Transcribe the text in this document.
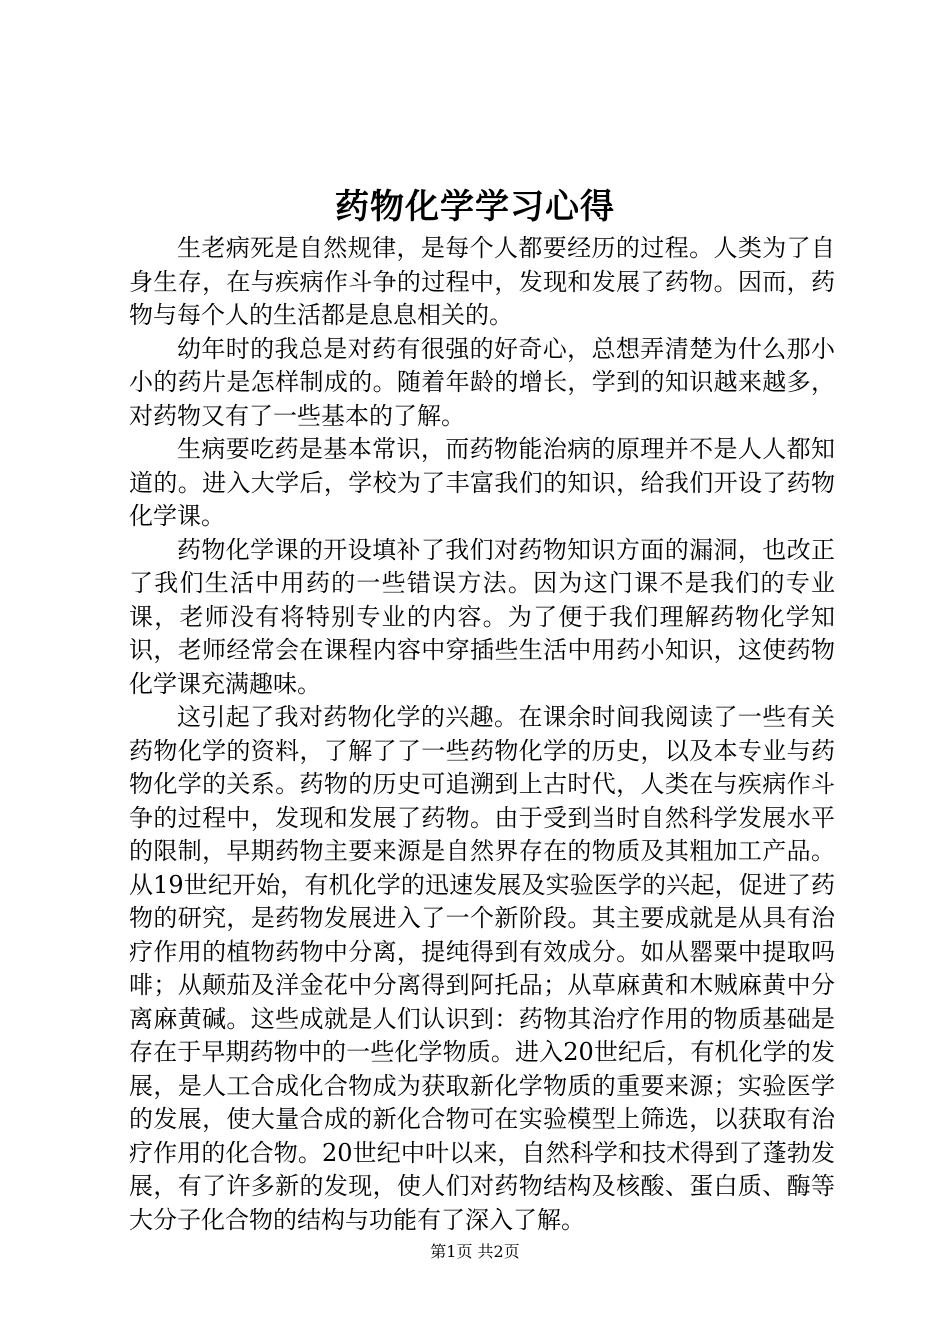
药物化学学习心得

生老病死是自然规律，是每个人都要经历的过程。人类为了自身生存，在与疾病作斗争的过程中，发现和发展了药物。因而，药物与每个人的生活都是息息相关的。

幼年时的我总是对药有很强的好奇心，总想弄清楚为什么那小小的药片是怎样制成的。随着年龄的增长，学到的知识越来越多，对药物又有了一些基本的了解。

生病要吃药是基本常识，而药物能治病的原理并不是人人都知道的。进入大学后，学校为了丰富我们的知识，给我们开设了药物化学课。

药物化学课的开设填补了我们对药物知识方面的漏洞，也改正了我们生活中用药的一些错误方法。因为这门课不是我们的专业课，老师没有将特别专业的内容。为了便于我们理解药物化学知识，老师经常会在课程内容中穿插些生活中用药小知识，这使药物化学课充满趣味。

这引起了我对药物化学的兴趣。在课余时间我阅读了一些有关药物化学的资料，了解了了一些药物化学的历史，以及本专业与药物化学的关系。药物的历史可追溯到上古时代，人类在与疾病作斗争的过程中，发现和发展了药物。由于受到当时自然科学发展水平的限制，早期药物主要来源是自然界存在的物质及其粗加工产品。从19世纪开始，有机化学的迅速发展及实验医学的兴起，促进了药物的研究，是药物发展进入了一个新阶段。其主要成就是从具有治疗作用的植物药物中分离，提纯得到有效成分。如从罂粟中提取吗啡；从颠茄及洋金花中分离得到阿托品；从草麻黄和木贼麻黄中分离麻黄碱。这些成就是人们认识到：药物其治疗作用的物质基础是存在于早期药物中的一些化学物质。进入20世纪后，有机化学的发展，是人工合成化合物成为获取新化学物质的重要来源；实验医学的发展，使大量合成的新化合物可在实验模型上筛选，以获取有治疗作用的化合物。20世纪中叶以来，自然科学和技术得到了蓬勃发展，有了许多新的发现，使人们对药物结构及核酸、蛋白质、酶等大分子化合物的结构与功能有了深入了解。

第1页 共2页
